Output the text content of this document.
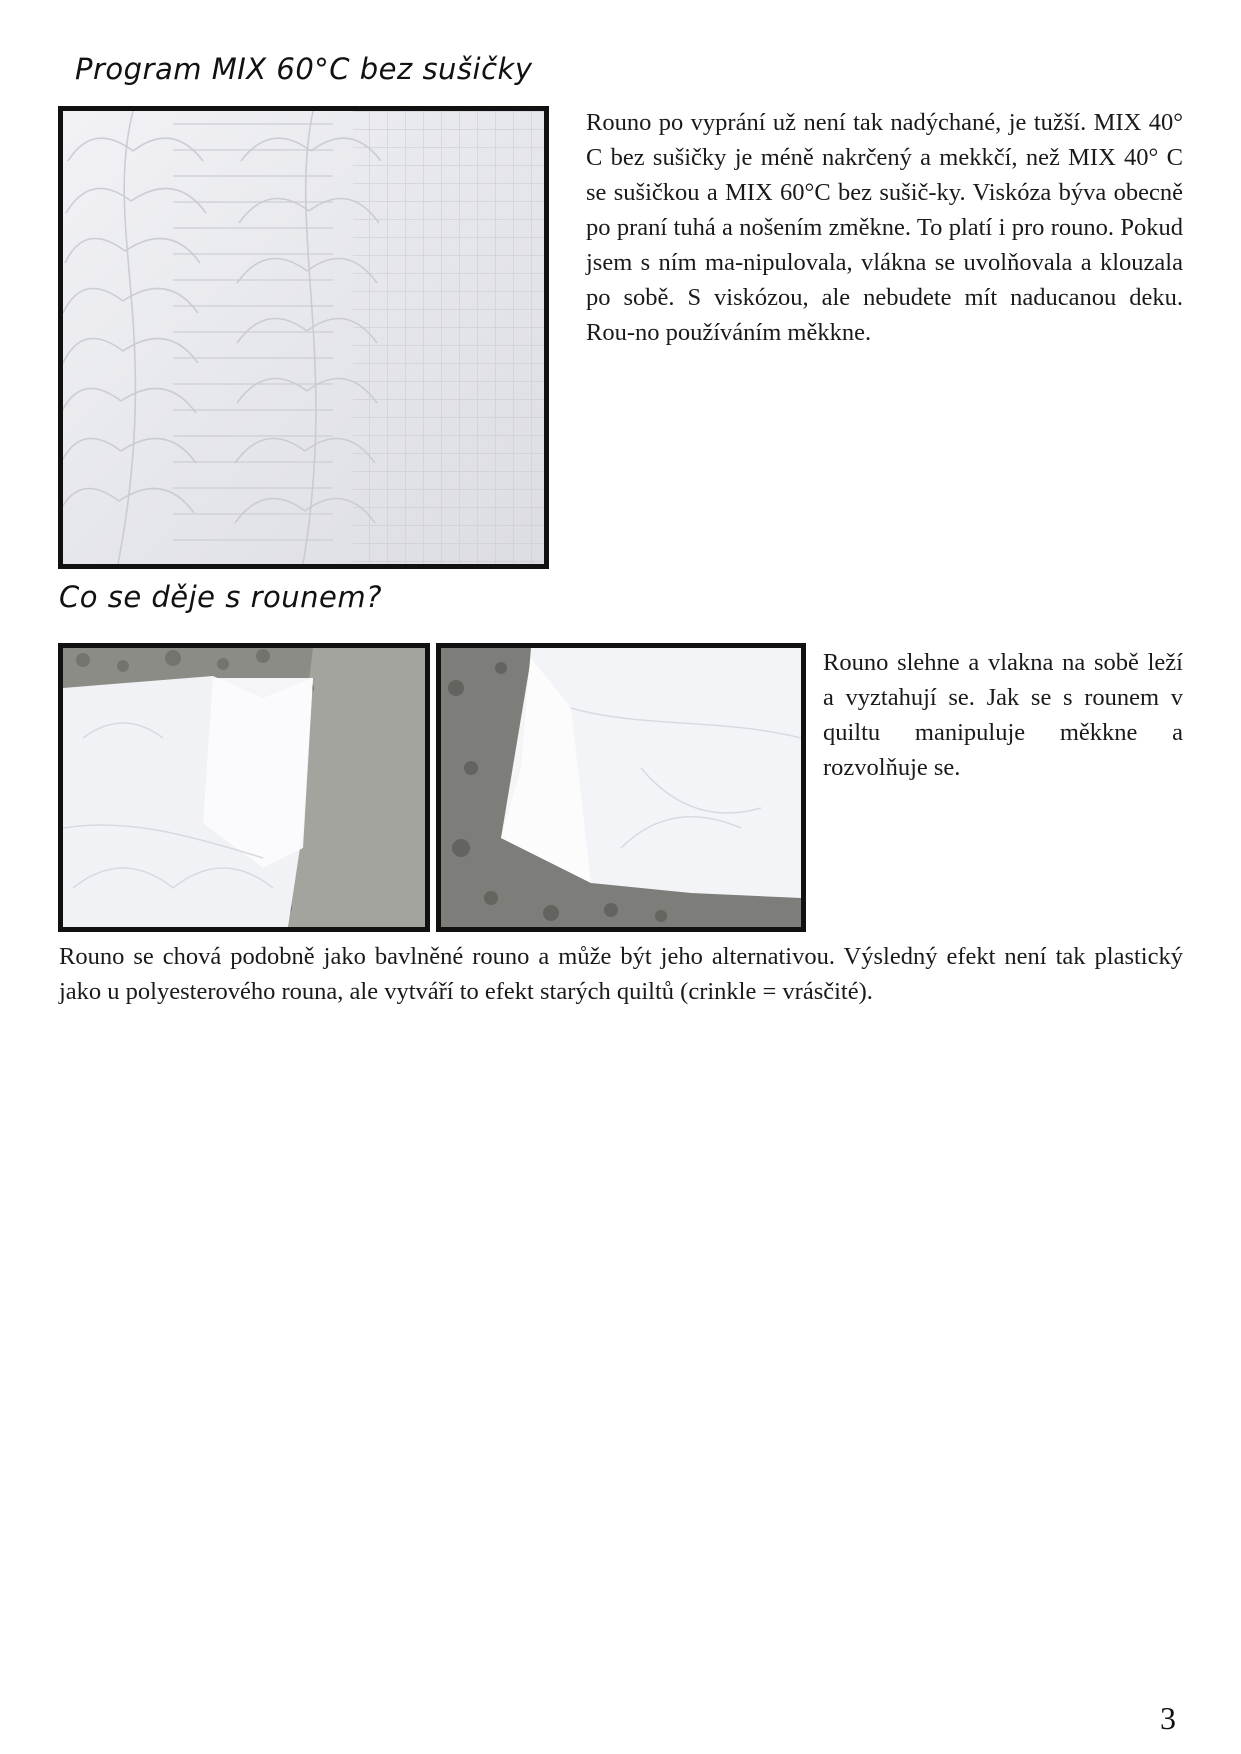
Program MIX 60°C bez sušičky
Rouno po vyprání už není tak nadýchané, je tužší. MIX 40° C bez sušičky je méně nakrčený a mekkčí, než MIX 40° C se sušičkou a MIX 60°C bez sušič-ky. Viskóza býva obecně po praní tuhá a nošením změkne. To platí i pro rouno. Pokud jsem s ním ma-nipulovala, vlákna se uvolňovala a klouzala po sobě. S viskózou, ale nebudete mít naducanou deku. Rou-no používáním měkkne.
Co se děje s rounem?
Rouno slehne a vlakna na sobě leží a vyztahují se. Jak se s rounem v quiltu manipuluje měkkne a rozvolňuje se.
Rouno se chová podobně jako bavlněné rouno a může být jeho alternativou. Výsledný efekt není tak plastický jako u polyesterového rouna, ale vytváří to efekt starých quiltů (crinkle = vrásčité).
3
